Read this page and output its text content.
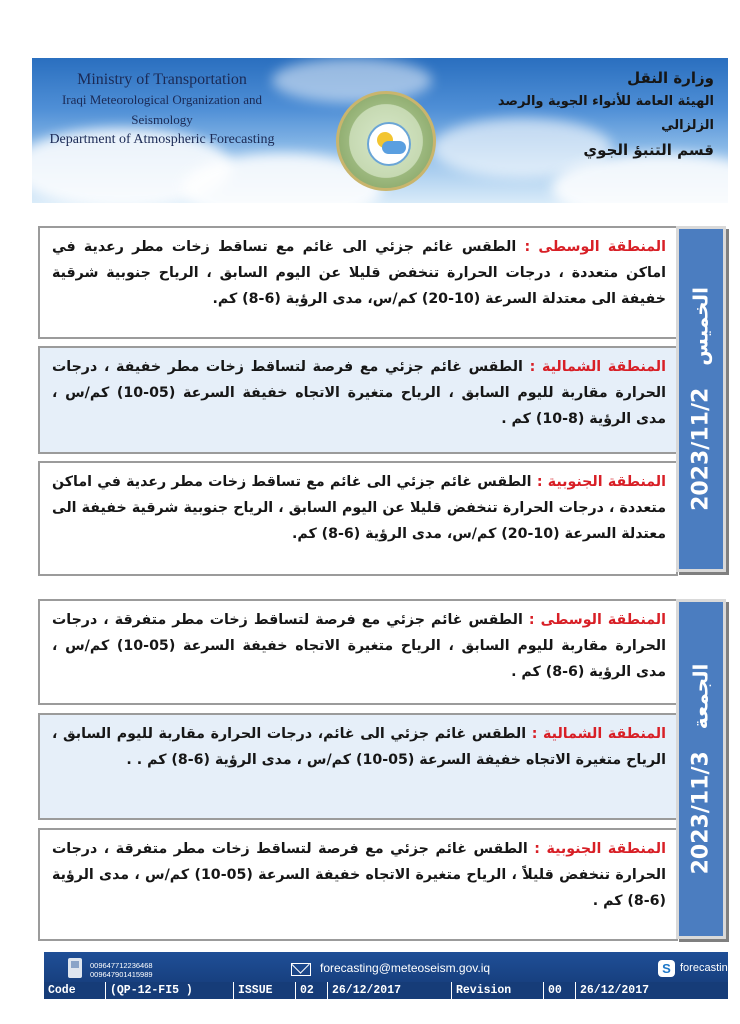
Ministry of Transportation
Iraqi Meteorological Organization and Seismology
Department of Atmospheric Forecasting
وزارة النقل
الهيئة العامة للأنواء الجوية والرصد الزلزالي
قسم التنبؤ الجوي
المنطقة الوسطى : الطقس غائم جزئي الى غائم مع تساقط زخات مطر رعدية في اماكن متعددة ، درجات الحرارة تنخفض قليلا عن اليوم السابق ، الرياح جنوبية شرقية خفيفة الى معتدلة السرعة (10-20) كم/س، مدى الرؤية (6-8) كم.
المنطقة الشمالية : الطقس غائم جزئي مع فرصة لتساقط زخات مطر خفيفة ، درجات الحرارة مقاربة لليوم السابق ، الرياح متغيرة الاتجاه خفيفة السرعة (05-10) كم/س ، مدى الرؤية (8-10) كم .
المنطقة الجنوبية : الطقس غائم جزئي الى غائم مع تساقط زخات مطر رعدية في اماكن متعددة ، درجات الحرارة تنخفض قليلا عن اليوم السابق ، الرياح جنوبية شرقية خفيفة الى معتدلة السرعة (10-20) كم/س، مدى الرؤية (6-8) كم.
2023/11/2الخميس
المنطقة الوسطى : الطقس غائم جزئي مع فرصة لتساقط زخات مطر متفرقة ، درجات الحرارة مقاربة لليوم السابق ، الرياح متغيرة الاتجاه خفيفة السرعة (05-10) كم/س ، مدى الرؤية (6-8) كم .
المنطقة الشمالية : الطقس غائم جزئي الى غائم، درجات الحرارة مقاربة لليوم السابق ، الرياح متغيرة الاتجاه خفيفة السرعة (05-10) كم/س ، مدى الرؤية (6-8) كم . .
المنطقة الجنوبية : الطقس غائم جزئي مع فرصة لتساقط زخات مطر متفرقة ، درجات الحرارة تنخفض قليلاً ، الرياح متغيرة الاتجاه خفيفة السرعة (05-10) كم/س ، مدى الرؤية (6-8) كم .
2023/11/3الجمعة
009647712236468
009647901415989	forecasting@meteoseism.gov.iq	S forecasting
Code	(QP-12-FI5 )	ISSUE	02	26/12/2017	Revision	00	26/12/2017
